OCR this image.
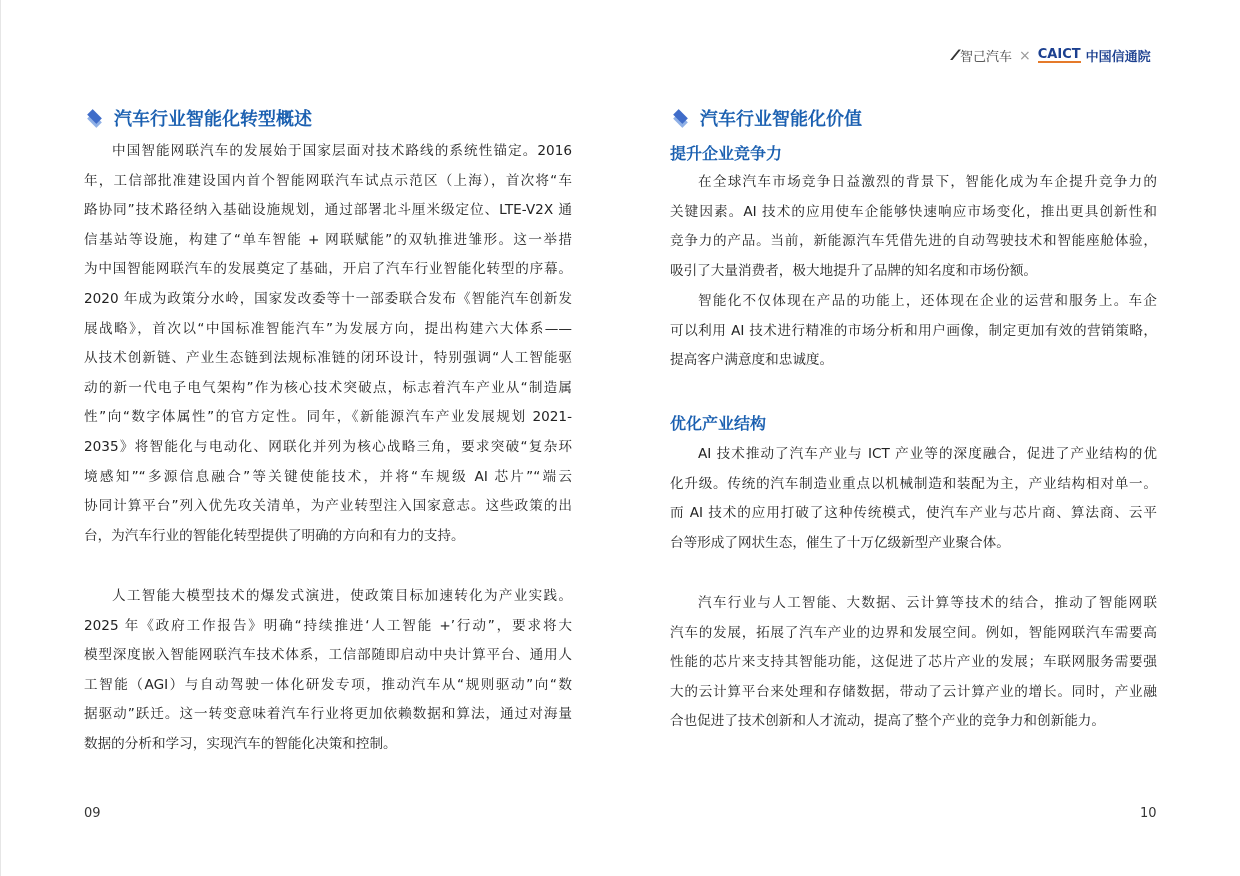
⁄⁄⁄ 智己汽车 × CAICT 中国信通院
汽车行业智能化转型概述
中国智能网联汽车的发展始于国家层面对技术路线的系统性锚定。2016
年，工信部批准建设国内首个智能网联汽车试点示范区（上海），首次将“车
路协同”技术路径纳入基础设施规划，通过部署北斗厘米级定位、LTE-V2X 通
信基站等设施，构建了“单车智能 + 网联赋能”的双轨推进雏形。这一举措
为中国智能网联汽车的发展奠定了基础，开启了汽车行业智能化转型的序幕。
2020 年成为政策分水岭，国家发改委等十一部委联合发布《智能汽车创新发
展战略》，首次以“中国标准智能汽车”为发展方向，提出构建六大体系——
从技术创新链、产业生态链到法规标准链的闭环设计，特别强调“人工智能驱
动的新一代电子电气架构”作为核心技术突破点，标志着汽车产业从“制造属
性”向“数字体属性”的官方定性。同年，《新能源汽车产业发展规划 2021-
2035》将智能化与电动化、网联化并列为核心战略三角，要求突破“复杂环
境感知”“多源信息融合”等关键使能技术，并将“车规级 AI 芯片”“端云
协同计算平台”列入优先攻关清单，为产业转型注入国家意志。这些政策的出
台，为汽车行业的智能化转型提供了明确的方向和有力的支持。
人工智能大模型技术的爆发式演进，使政策目标加速转化为产业实践。
2025 年《政府工作报告》明确“持续推进‘人工智能 +’行动”，要求将大
模型深度嵌入智能网联汽车技术体系，工信部随即启动中央计算平台、通用人
工智能（AGI）与自动驾驶一体化研发专项，推动汽车从“规则驱动”向“数
据驱动”跃迁。这一转变意味着汽车行业将更加依赖数据和算法，通过对海量
数据的分析和学习，实现汽车的智能化决策和控制。
09
汽车行业智能化价值
提升企业竞争力
在全球汽车市场竞争日益激烈的背景下，智能化成为车企提升竞争力的
关键因素。AI 技术的应用使车企能够快速响应市场变化，推出更具创新性和
竞争力的产品。当前，新能源汽车凭借先进的自动驾驶技术和智能座舱体验，
吸引了大量消费者，极大地提升了品牌的知名度和市场份额。
智能化不仅体现在产品的功能上，还体现在企业的运营和服务上。车企
可以利用 AI 技术进行精准的市场分析和用户画像，制定更加有效的营销策略，
提高客户满意度和忠诚度。
优化产业结构
AI 技术推动了汽车产业与 ICT 产业等的深度融合，促进了产业结构的优
化升级。传统的汽车制造业重点以机械制造和装配为主，产业结构相对单一。
而 AI 技术的应用打破了这种传统模式，使汽车产业与芯片商、算法商、云平
台等形成了网状生态，催生了十万亿级新型产业聚合体。
汽车行业与人工智能、大数据、云计算等技术的结合，推动了智能网联
汽车的发展，拓展了汽车产业的边界和发展空间。例如，智能网联汽车需要高
性能的芯片来支持其智能功能，这促进了芯片产业的发展；车联网服务需要强
大的云计算平台来处理和存储数据，带动了云计算产业的增长。同时，产业融
合也促进了技术创新和人才流动，提高了整个产业的竞争力和创新能力。
10
